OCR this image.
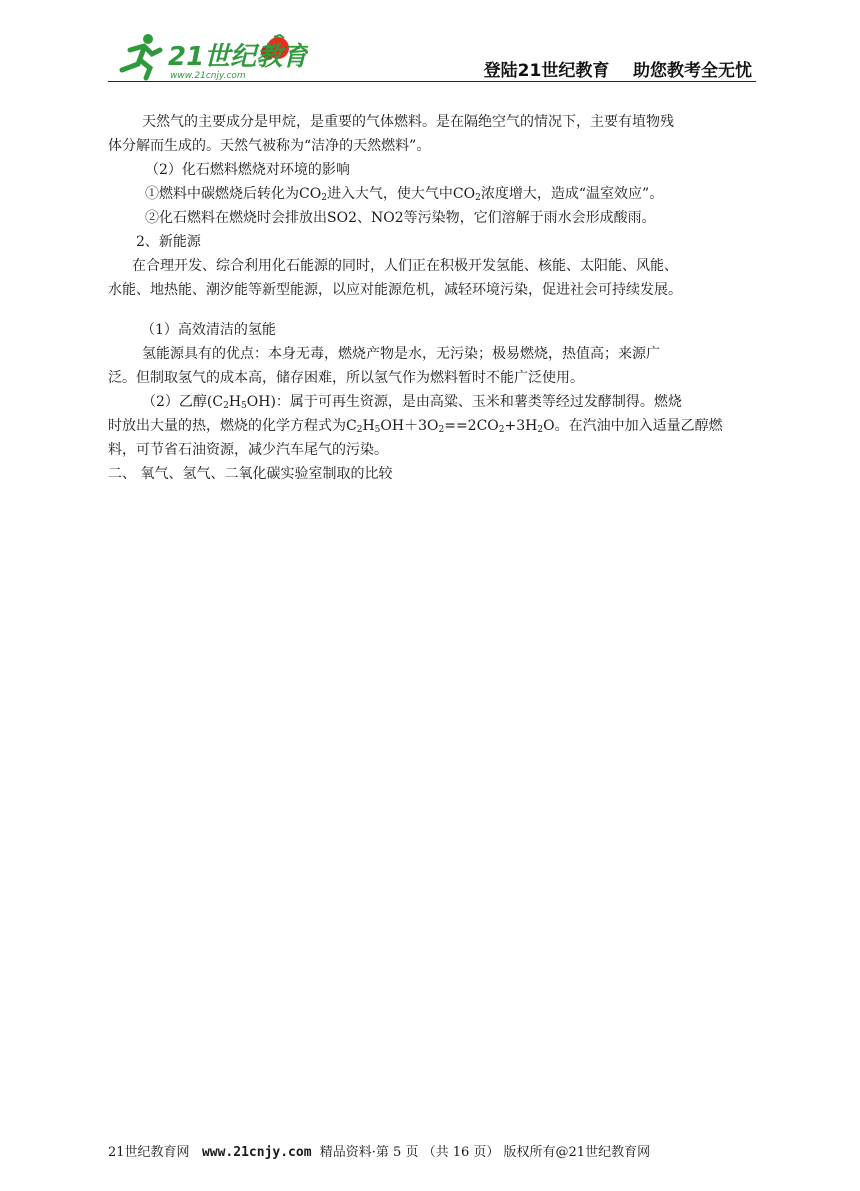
21世纪教育
www.21cnjy.com	登陆21世纪教育    助您教考全无忧
天然气的主要成分是甲烷，是重要的气体燃料。是在隔绝空气的情况下，主要有埴物残
体分解而生成的。天然气被称为“洁净的天然燃料”。
（2）化石燃料燃烧对环境的影响
①燃料中碳燃烧后转化为$CO_2$进入大气，使大气中$CO_2$浓度增大，造成“温室效应”。
②化石燃料在燃烧时会排放出SO2、NO2等污染物，它们溶解于雨水会形成酸雨。
2、新能源
在合理开发、综合利用化石能源的同时，人们正在积极开发氢能、核能、太阳能、风能、
水能、地热能、潮汐能等新型能源，以应对能源危机，减轻环境污染，促进社会可持续发展。
（1）高效清洁的氢能
氢能源具有的优点：本身无毒，燃烧产物是水，无污染；极易燃烧，热值高；来源广
泛。但制取氢气的成本高，储存困难，所以氢气作为燃料暂时不能广泛使用。
（2）乙醇$(C_2H_5OH)$：属于可再生资源，是由高粱、玉米和薯类等经过发酵制得。燃烧
时放出大量的热，燃烧的化学方程式为$C_2H_5OH+3O_2==2CO_2+3H_2O$。在汽油中加入适量乙醇燃
料，可节省石油资源，减少汽车尾气的污染。
二、 氧气、氢气、二氧化碳实验室制取的比较
21世纪教育网   www.21cnjy.com  精品资料·第 5 页 （共 16 页） 版权所有@21世纪教育网
